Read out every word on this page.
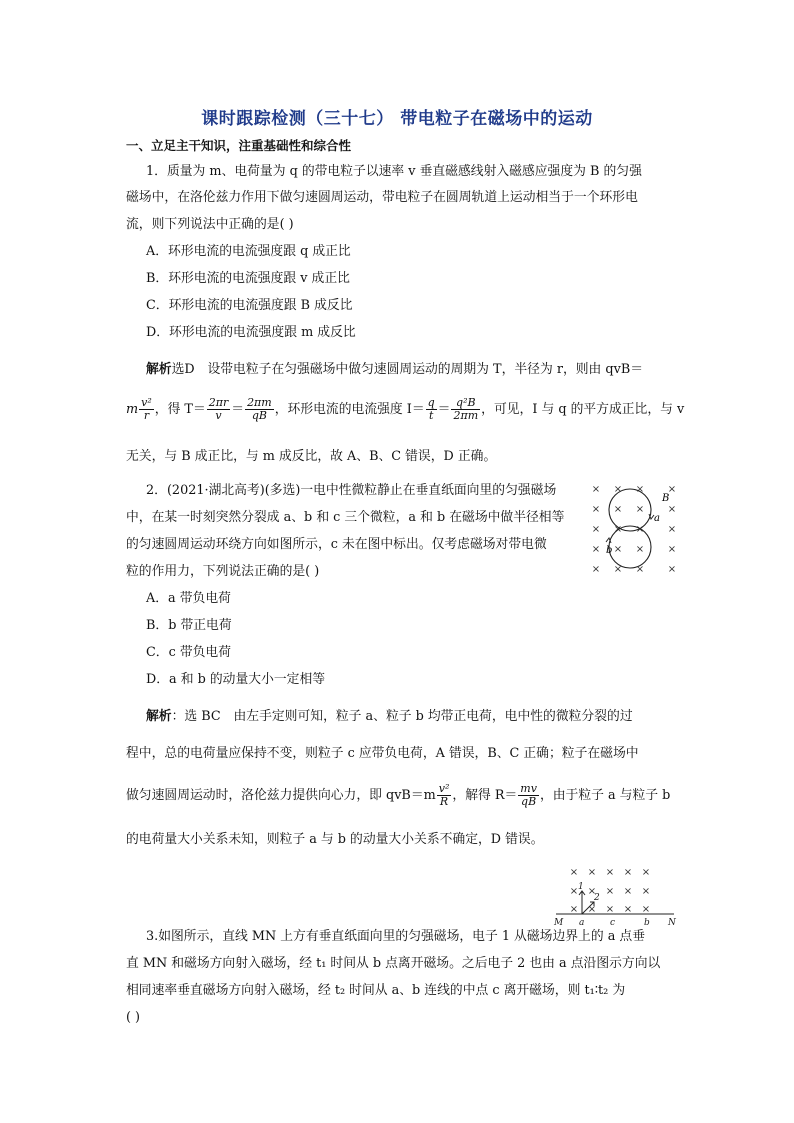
课时跟踪检测（三十七） 带电粒子在磁场中的运动
一、立足主干知识，注重基础性和综合性
1．质量为 m、电荷量为 q 的带电粒子以速率 v 垂直磁感线射入磁感应强度为 B 的匀强
磁场中，在洛伦兹力作用下做匀速圆周运动，带电粒子在圆周轨道上运动相当于一个环形电
流，则下列说法中正确的是( )
A．环形电流的电流强度跟 q 成正比
B．环形电流的电流强度跟 v 成正比
C．环形电流的电流强度跟 B 成反比
D．环形电流的电流强度跟 m 成反比
解析选D　设带电粒子在匀强磁场中做匀速圆周运动的周期为 T，半径为 r，则由 qvB＝
m $\frac{\text{v²}}{r}$ ，得 $T= \frac{2\pi r}{v} = \frac{2\pi m}{qB}$ ，环形电流的电流强度 $I= \frac{q}{t} = \frac{\text{q²B}}{2\pi m}$ ，可见，I 与 q 的平方成正比，与 v
无关，与 B 成正比，与 m 成反比，故 A、B、C 错误，D 正确。
2．(2021·湖北高考)(多选)一电中性微粒静止在垂直纸面向里的匀强磁场
中，在某一时刻突然分裂成 a、b 和 c 三个微粒，a 和 b 在磁场中做半径相等
的匀速圆周运动环绕方向如图所示，c 未在图中标出。仅考虑磁场对带电微
粒的作用力，下列说法正确的是( )
A．a 带负电荷
B．b 带正电荷
C．c 带负电荷
D．a 和 b 的动量大小一定相等
× × × ×
× × × ×
× × × ×
× × × ×
× × × ×
B
a
b
解析：选 BC　由左手定则可知，粒子 a、粒子 b 均带正电荷，电中性的微粒分裂的过
程中，总的电荷量应保持不变，则粒子 c 应带负电荷，A 错误，B、C 正确；粒子在磁场中
做匀速圆周运动时，洛伦兹力提供向心力，即 $qvB=m \frac{\text{v²}}{R}$ ，解得 $R= \frac{mv}{qB}$ ，由于粒子 a 与粒子 b
的电荷量大小关系未知，则粒子 a 与 b 的动量大小关系不确定，D 错误。
× × × × ×
× × × × ×
× × × × ×
1
2
M a	c	b N
3.如图所示，直线 MN 上方有垂直纸面向里的匀强磁场，电子 1 从磁场边界上的 a 点垂
直 MN 和磁场方向射入磁场，经 t₁ 时间从 b 点离开磁场。之后电子 2 也由 a 点沿图示方向以
相同速率垂直磁场方向射入磁场，经 t₂ 时间从 a、b 连线的中点 c 离开磁场，则 t₁∶t₂ 为
( )
